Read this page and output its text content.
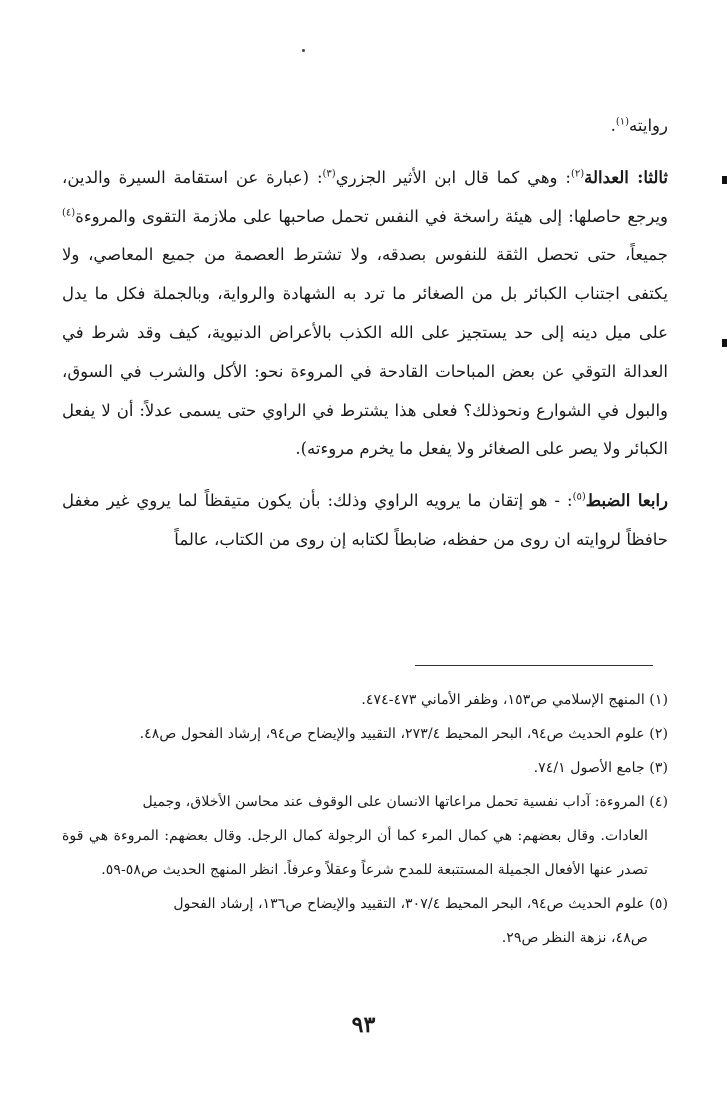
روايته$^{(١)}$.

ثالثا: العدالة$^{(٢)}$: وهي كما قال ابن الأثير الجزري$^{(٣)}$: (عبارة عن استقامة السيرة والدين، ويرجع حاصلها: إلى هيئة راسخة في النفس تحمل صاحبها على ملازمة التقوى والمروءة$^{(٤)}$ جميعاً، حتى تحصل الثقة للنفوس بصدقه، ولا تشترط العصمة من جميع المعاصي، ولا يكتفى اجتناب الكبائر بل من الصغائر ما ترد به الشهادة والرواية، وبالجملة فكل ما يدل على ميل دينه إلى حد يستجيز على الله الكذب بالأعراض الدنيوية، كيف وقد شرط في العدالة التوقي عن بعض المباحات القادحة في المروءة نحو: الأكل والشرب في السوق، والبول في الشوارع ونحوذلك؟ فعلى هذا يشترط في الراوي حتى يسمى عدلاً: أن لا يفعل الكبائر ولا يصر على الصغائر ولا يفعل ما يخرم مروءته).

رابعا الضبط$^{(٥)}$: - هو إتقان ما يرويه الراوي وذلك: بأن يكون متيقظاً لما يروي غير مغفل حافظاً لروايته ان روى من حفظه، ضابطاً لكتابه إن روى من الكتاب، عالماً

(١) المنهج الإسلامي ص١٥٣، وظفر الأماني ٤٧٣-٤٧٤.

(٢) علوم الحديث ص٩٤، البحر المحيط ٢٧٣/٤، التقييد والإيضاح ص٩٤، إرشاد الفحول ص٤٨.

(٣) جامع الأصول ٧٤/١.

(٤) المروءة: آداب نفسية تحمل مراعاتها الانسان على الوقوف عند محاسن الأخلاق، وجميل

العادات. وقال بعضهم: هي كمال المرء كما أن الرجولة كمال الرجل. وقال بعضهم: المروءة هي قوة تصدر عنها الأفعال الجميلة المستتبعة للمدح شرعاً وعقلاً وعرفاً. انظر المنهج الحديث ص٥٨-٥٩.

(٥) علوم الحديث ص٩٤، البحر المحيط ٣٠٧/٤، التقييد والإيضاح ص١٣٦، إرشاد الفحول

ص٤٨، نزهة النظر ص٢٩.

٩٣
